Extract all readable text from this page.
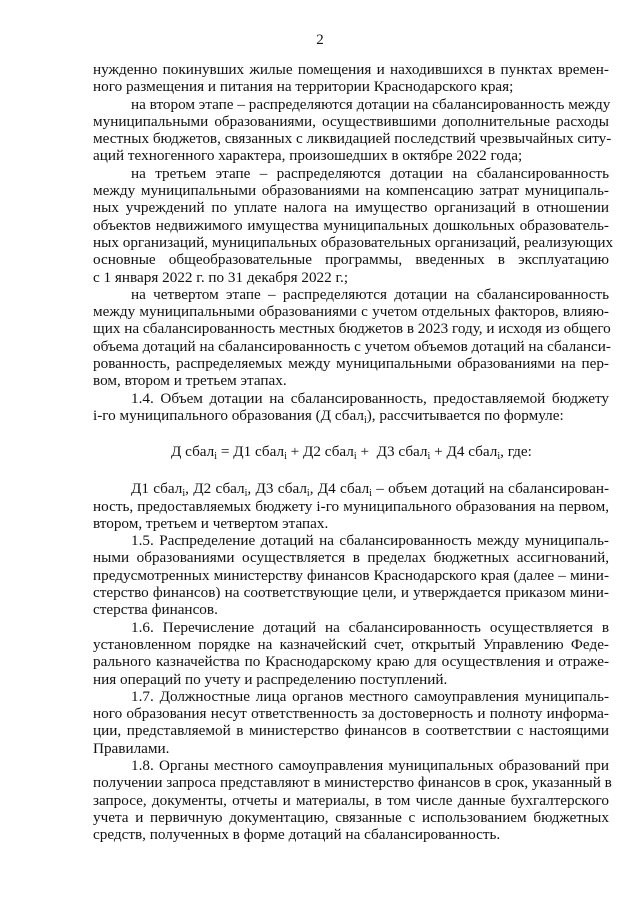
2
нужденно покинувших жилые помещения и находившихся в пунктах времен-
ного размещения и питания на территории Краснодарского края;
на втором этапе – распределяются дотации на сбалансированность между
муниципальными образованиями, осуществившими дополнительные расходы
местных бюджетов, связанных с ликвидацией последствий чрезвычайных ситу-
аций техногенного характера, произошедших в октябре 2022 года;
на третьем этапе – распределяются дотации на сбалансированность
между муниципальными образованиями на компенсацию затрат муниципаль-
ных учреждений по уплате налога на имущество организаций в отношении
объектов недвижимого имущества муниципальных дошкольных образователь-
ных организаций, муниципальных образовательных организаций, реализующих
основные общеобразовательные программы, введенных в эксплуатацию
с 1 января 2022 г. по 31 декабря 2022 г.;
на четвертом этапе – распределяются дотации на сбалансированность
между муниципальными образованиями с учетом отдельных факторов, влияю-
щих на сбалансированность местных бюджетов в 2023 году, и исходя из общего
объема дотаций на сбалансированность с учетом объемов дотаций на сбаланси-
рованность, распределяемых между муниципальными образованиями на пер-
вом, втором и третьем этапах.
1.4. Объем дотации на сбалансированность, предоставляемой бюджету
i-го муниципального образования (Д сбал$_i$), рассчитывается по формуле:
Д сбал$_i$ = Д1 сбал$_i$ + Д2 сбал$_i$ +  Д3 сбал$_i$ + Д4 сбал$_i$, где:
Д1 сбал$_i$, Д2 сбал$_i$, Д3 сбал$_i$, Д4 сбал$_i$ – объем дотаций на сбалансирован-
ность, предоставляемых бюджету i-го муниципального образования на первом,
втором, третьем и четвертом этапах.
1.5. Распределение дотаций на сбалансированность между муниципаль-
ными образованиями осуществляется в пределах бюджетных ассигнований,
предусмотренных министерству финансов Краснодарского края (далее – мини-
стерство финансов) на соответствующие цели, и утверждается приказом мини-
стерства финансов.
1.6. Перечисление дотаций на сбалансированность осуществляется в
установленном порядке на казначейский счет, открытый Управлению Феде-
рального казначейства по Краснодарскому краю для осуществления и отраже-
ния операций по учету и распределению поступлений.
1.7. Должностные лица органов местного самоуправления муниципаль-
ного образования несут ответственность за достоверность и полноту информа-
ции, представляемой в министерство финансов в соответствии с настоящими
Правилами.
1.8. Органы местного самоуправления муниципальных образований при
получении запроса представляют в министерство финансов в срок, указанный в
запросе, документы, отчеты и материалы, в том числе данные бухгалтерского
учета и первичную документацию, связанные с использованием бюджетных
средств, полученных в форме дотаций на сбалансированность.
